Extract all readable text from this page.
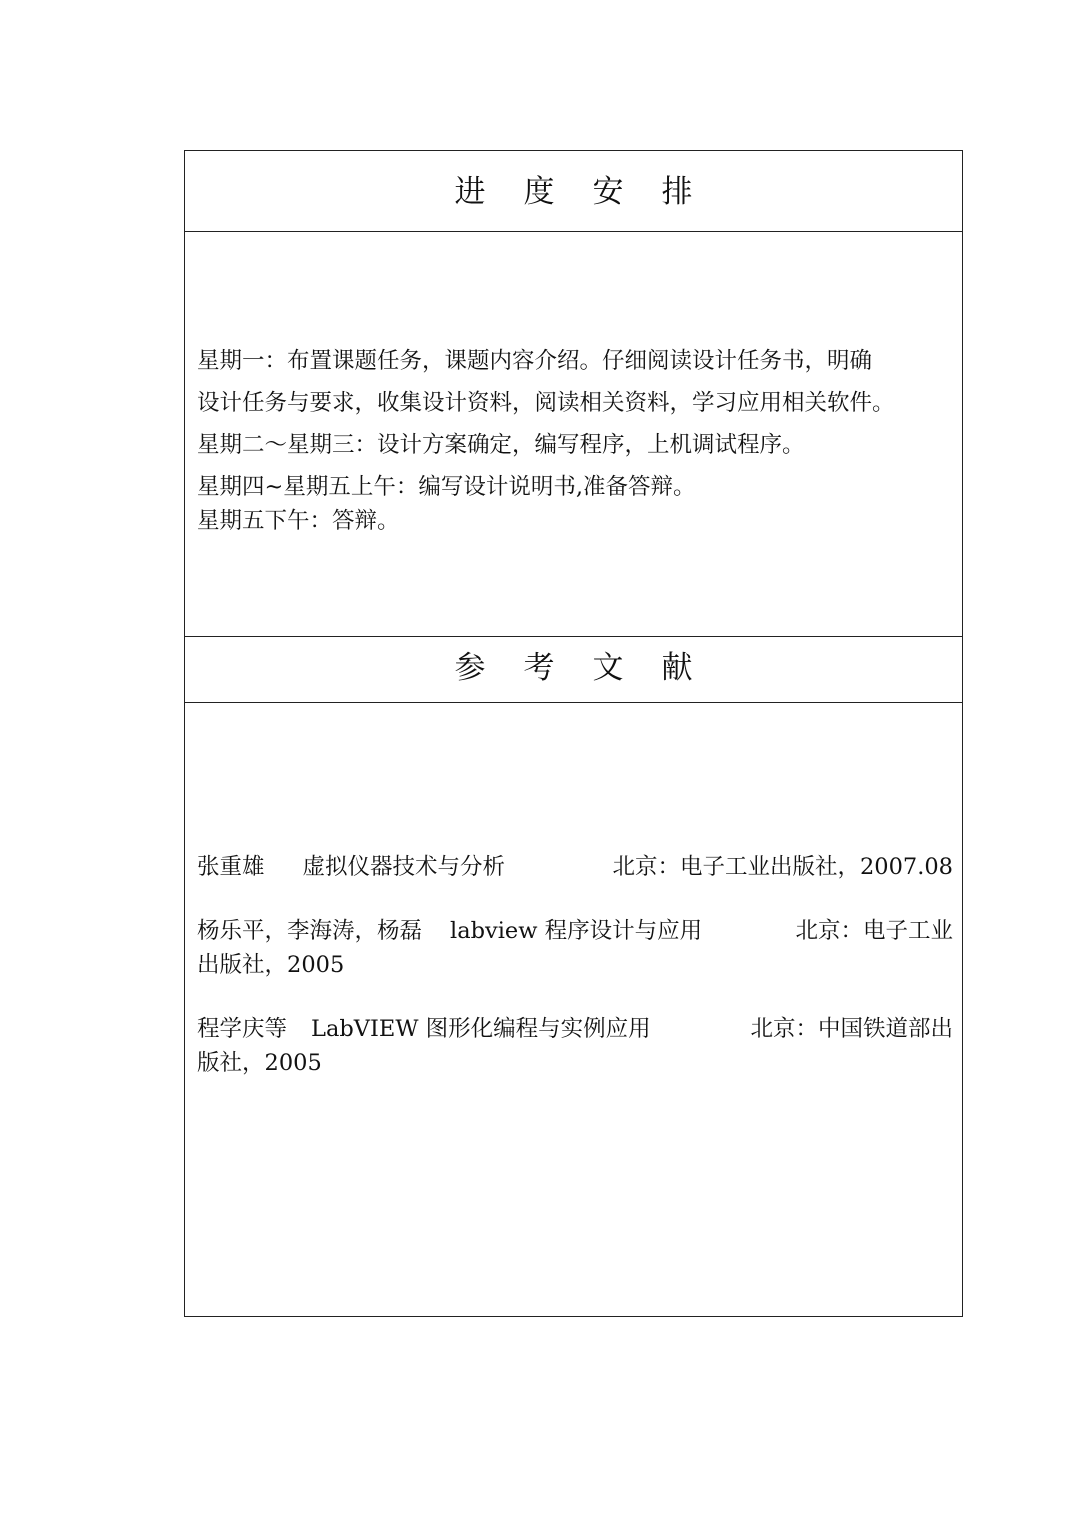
进度安排
星期一：布置课题任务，课题内容介绍。仔细阅读设计任务书，明确
设计任务与要求，收集设计资料，阅读相关资料，学习应用相关软件。
星期二～星期三：设计方案确定，编写程序，上机调试程序。
星期四~星期五上午：编写设计说明书,准备答辩。
星期五下午：答辩。
参考文献
张重雄 虚拟仪器技术与分析	北京：电子工业出版社，2007.08
杨乐平，李海涛，杨磊 labview 程序设计与应用	北京：电子工业
出版社，2005
程学庆等 LabVIEW 图形化编程与实例应用	北京：中国铁道部出
版社，2005
